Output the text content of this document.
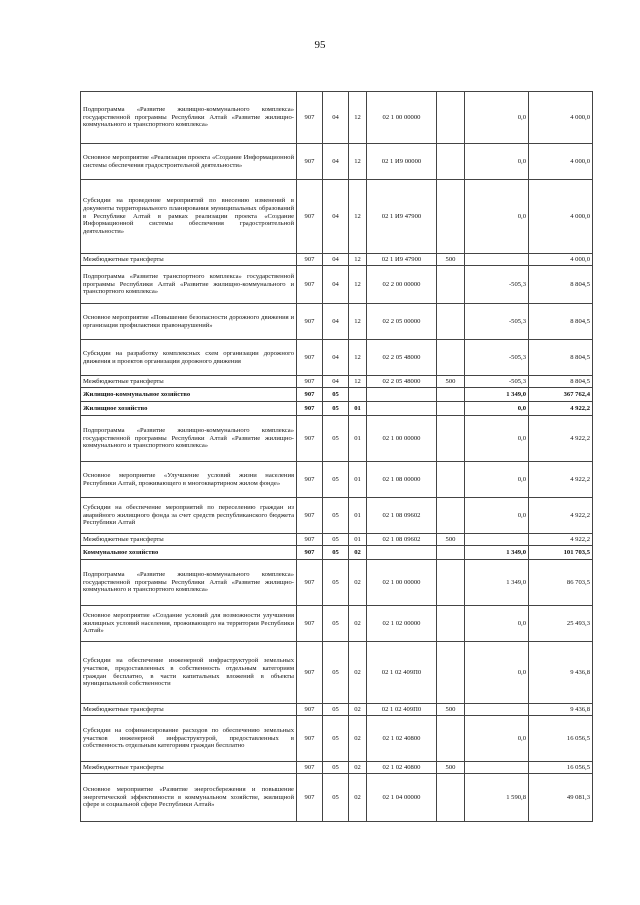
95
Подпрограмма «Развитие жилищно-коммунального комплекса» государственной программы Республики Алтай «Развитие жилищно-коммунального и транспортного комплекса»	907	04	12	02 1 00 00000		0,0	4 000,0
Основное мероприятие «Реализация проекта «Создание Информационной системы обеспечения градостроительной деятельности»	907	04	12	02 1 И9 00000		0,0	4 000,0
Субсидии на проведение мероприятий по внесению изменений в документы территориального планирования муниципальных образований в Республике Алтай в рамках реализации проекта «Создание Информационной системы обеспечения градостроительной деятельности»	907	04	12	02 1 И9 47900		0,0	4 000,0
Межбюджетные трансферты	907	04	12	02 1 И9 47900	500		4 000,0
Подпрограмма «Развитие транспортного комплекса» государственной программы Республики Алтай «Развитие жилищно-коммунального и транспортного комплекса»	907	04	12	02 2 00 00000		-505,3	8 804,5
Основное мероприятие «Повышение безопасности дорожного движения и организация профилактики правонарушений»	907	04	12	02 2 05 00000		-505,3	8 804,5
Субсидии на разработку комплексных схем организации дорожного движения и проектов организации дорожного движения	907	04	12	02 2 05 48000		-505,3	8 804,5
Межбюджетные трансферты	907	04	12	02 2 05 48000	500	-505,3	8 804,5
Жилищно-коммунальное хозяйство	907	05				1 349,0	367 762,4
Жилищное хозяйство	907	05	01			0,0	4 922,2
Подпрограмма «Развитие жилищно-коммунального комплекса» государственной программы Республики Алтай «Развитие жилищно-коммунального и транспортного комплекса»	907	05	01	02 1 00 00000		0,0	4 922,2
Основное мероприятие «Улучшение условий жизни населения Республики Алтай, проживающего в многоквартирном жилом фонде»	907	05	01	02 1 08 00000		0,0	4 922,2
Субсидии на обеспечение мероприятий по переселению граждан из аварийного жилищного фонда за счет средств республиканского бюджета Республики Алтай	907	05	01	02 1 08 09602		0,0	4 922,2
Межбюджетные трансферты	907	05	01	02 1 08 09602	500		4 922,2
Коммунальное хозяйство	907	05	02			1 349,0	101 703,5
Подпрограмма «Развитие жилищно-коммунального комплекса» государственной программы Республики Алтай «Развитие жилищно-коммунального и транспортного комплекса»	907	05	02	02 1 00 00000		1 349,0	86 703,5
Основное мероприятие «Создание условий для возможности улучшения жилищных условий населения, проживающего на территории Республики Алтай»	907	05	02	02 1 02 00000		0,0	25 493,3
Субсидии на обеспечение инженерной инфраструктурой земельных участков, предоставленных в собственность отдельным категориям граждан бесплатно, в части капитальных вложений в объекты муниципальной собственности	907	05	02	02 1 02 409П0		0,0	9 436,8
Межбюджетные трансферты	907	05	02	02 1 02 409П0	500		9 436,8
Субсидии на софинансирование расходов по обеспечению земельных участков инженерной инфраструктурой, предоставленных в собственность отдельным категориям граждан бесплатно	907	05	02	02 1 02 40800		0,0	16 056,5
Межбюджетные трансферты	907	05	02	02 1 02 40800	500		16 056,5
Основное мероприятие «Развитие энергосбережения и повышение энергетической эффективности в коммунальном хозяйстве, жилищной сфере и социальной сфере Республики Алтай»	907	05	02	02 1 04 00000		1 590,8	49 081,3
